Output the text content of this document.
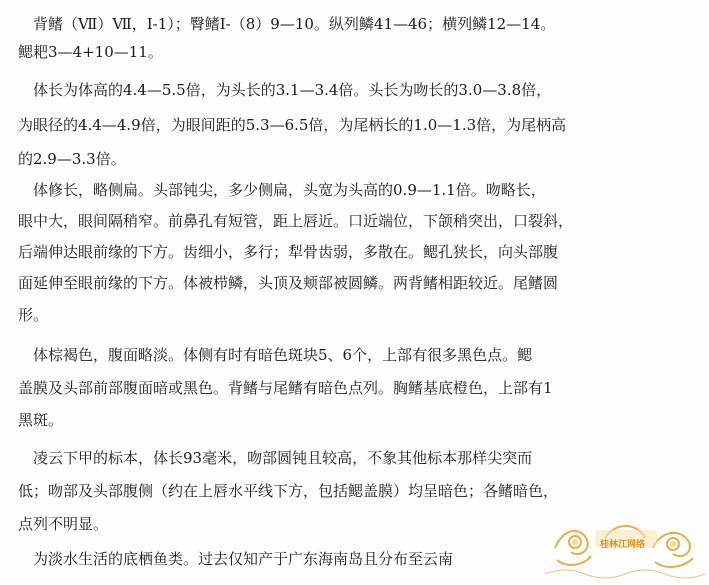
　背鳍（Ⅶ）Ⅶ，Ⅰ-1）；臀鳍Ⅰ-（8）9—10。纵列鳞41—46；横列鳞12—14。
鳃耙3—4+10—11。
　体长为体高的4.4—5.5倍，为头长的3.1—3.4倍。头长为吻长的3.0—3.8倍，
为眼径的4.4—4.9倍，为眼间距的5.3—6.5倍，为尾柄长的1.0—1.3倍，为尾柄高
的2.9—3.3倍。
　体修长，略侧扁。头部钝尖，多少侧扁，头宽为头高的0.9—1.1倍。吻略长，
眼中大，眼间隔稍窄。前鼻孔有短管，距上唇近。口近端位，下颌稍突出，口裂斜，
后端伸达眼前缘的下方。齿细小，多行；犁骨齿弱，多散在。鳃孔狭长，向头部腹
面延伸至眼前缘的下方。体被栉鳞，头顶及颊部被圆鳞。两背鳍相距较近。尾鳍圆
形。
　体棕褐色，腹面略淡。体侧有时有暗色斑块5、6个，上部有很多黑色点。鳃
盖膜及头部前部腹面暗或黑色。背鳍与尾鳍有暗色点列。胸鳍基底橙色，上部有1
黑斑。
　凌云下甲的标本，体长93毫米，吻部圆钝且较高，不象其他标本那样尖突而
低；吻部及头部腹侧（约在上唇水平线下方，包括鳃盖膜）均呈暗色；各鳍暗色，
点列不明显。
　为淡水生活的底栖鱼类。过去仅知产于广东海南岛且分布至云南
桂林江网络
